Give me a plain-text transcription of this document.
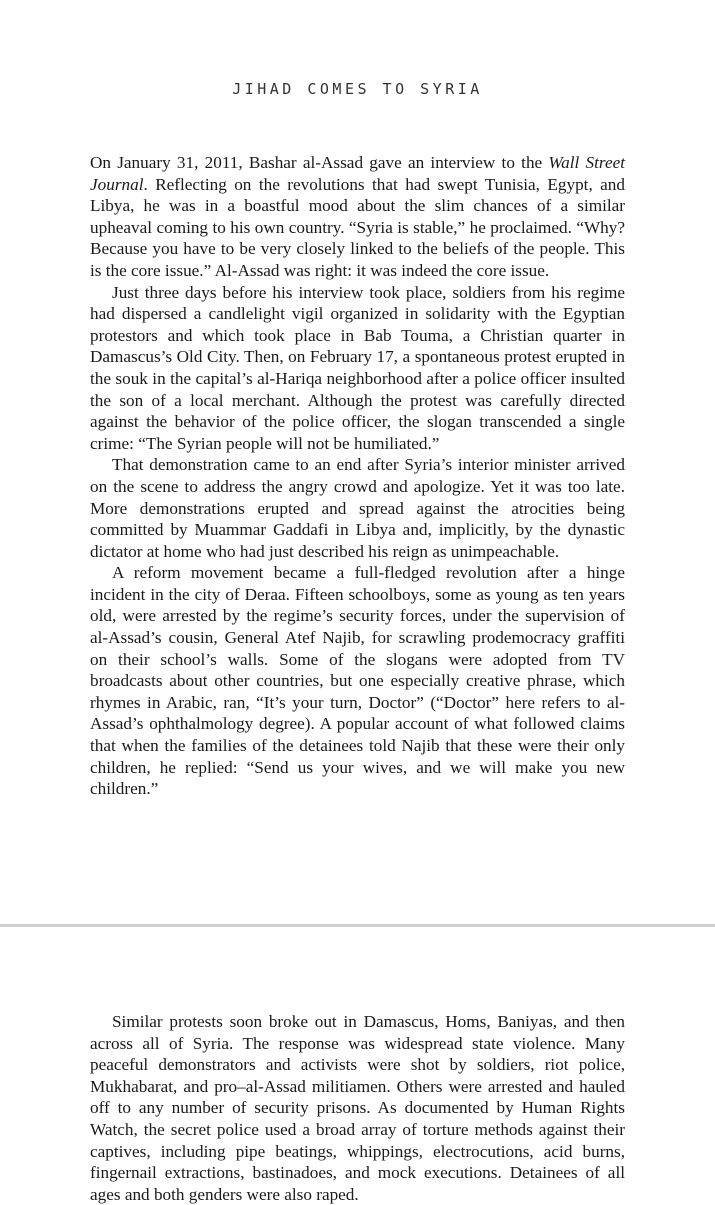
JIHAD COMES TO SYRIA

On January 31, 2011, Bashar al-Assad gave an interview to the Wall Street Journal. Reflecting on the revolutions that had swept Tunisia, Egypt, and Libya, he was in a boastful mood about the slim chances of a similar upheaval coming to his own country. “Syria is stable,” he proclaimed. “Why? Because you have to be very closely linked to the beliefs of the people. This is the core issue.” Al-Assad was right: it was indeed the core issue.

Just three days before his interview took place, soldiers from his regime had dispersed a candlelight vigil organized in solidarity with the Egyptian protestors and which took place in Bab Touma, a Christian quarter in Damascus’s Old City. Then, on February 17, a spontaneous protest erupted in the souk in the capital’s al-Hariqa neighborhood after a police officer insulted the son of a local merchant. Although the protest was carefully directed against the behavior of the police officer, the slogan transcended a single crime: “The Syrian people will not be humiliated.”

That demonstration came to an end after Syria’s interior minister arrived on the scene to address the angry crowd and apologize. Yet it was too late. More demonstrations erupted and spread against the atrocities being committed by Muammar Gaddafi in Libya and, implicitly, by the dynastic dictator at home who had just described his reign as unimpeachable.

A reform movement became a full-fledged revolution after a hinge incident in the city of Deraa. Fifteen schoolboys, some as young as ten years old, were arrested by the regime’s security forces, under the supervision of al-Assad’s cousin, General Atef Najib, for scrawling prodemocracy graffiti on their school’s walls. Some of the slogans were adopted from TV broadcasts about other countries, but one especially creative phrase, which rhymes in Arabic, ran, “It’s your turn, Doctor” (“Doctor” here refers to al-Assad’s ophthalmology degree). A popular account of what followed claims that when the families of the detainees told Najib that these were their only children, he replied: “Send us your wives, and we will make you new children.”

Similar protests soon broke out in Damascus, Homs, Baniyas, and then across all of Syria. The response was widespread state violence. Many peaceful demonstrators and activists were shot by soldiers, riot police, Mukhabarat, and pro–al-Assad militiamen. Others were arrested and hauled off to any number of security prisons. As documented by Human Rights Watch, the secret police used a broad array of torture methods against their captives, including pipe beatings, whippings, electrocutions, acid burns, fingernail extractions, bastinadoes, and mock executions. Detainees of all ages and both genders were also raped.
